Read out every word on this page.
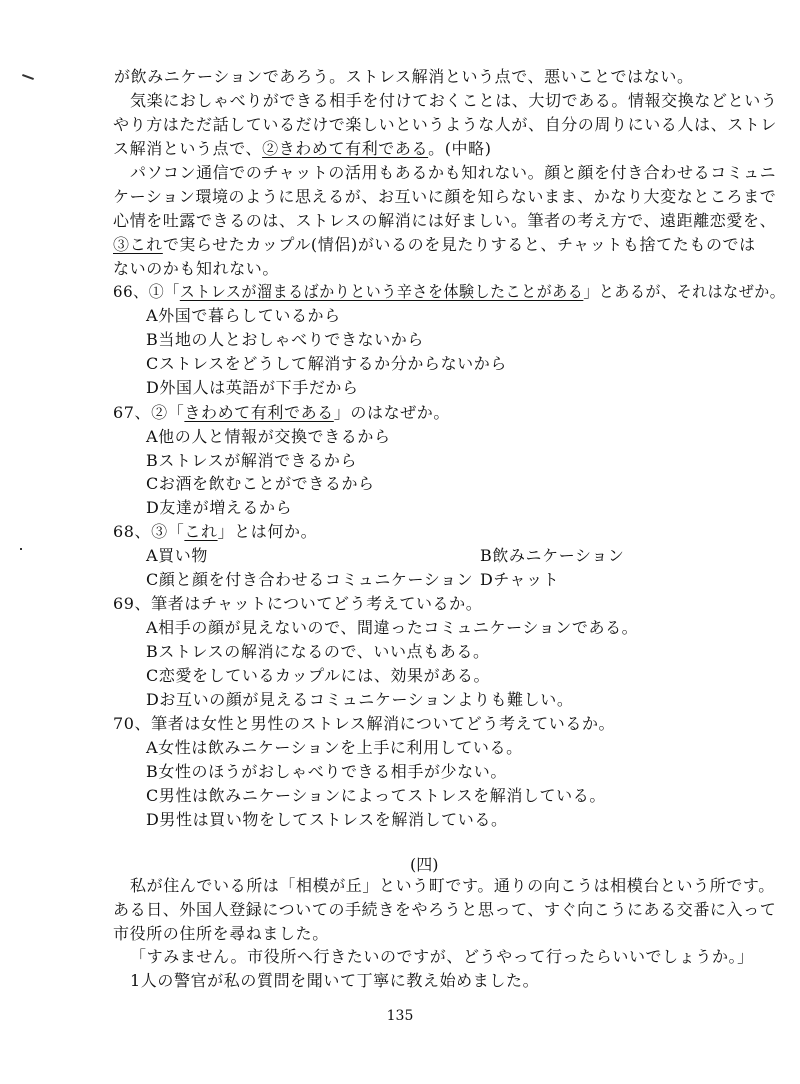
が飲みニケーションであろう。ストレス解消という点で、悪いことではない。
気楽におしゃべりができる相手を付けておくことは、大切である。情報交換などという
やり方はただ話しているだけで楽しいというような人が、自分の周りにいる人は、ストレ
ス解消という点で、②きわめて有利である。(中略)
パソコン通信でのチャットの活用もあるかも知れない。顔と顔を付き合わせるコミュニ
ケーション環境のように思えるが、お互いに顔を知らないまま、かなり大変なところまで
心情を吐露できるのは、ストレスの解消には好ましい。筆者の考え方で、遠距離恋愛を、
③これで実らせたカップル(情侶)がいるのを見たりすると、チャットも捨てたものでは
ないのかも知れない。
66、①「ストレスが溜まるばかりという辛さを体験したことがある」とあるが、それはなぜか。
A外国で暮らしているから
B当地の人とおしゃべりできないから
Cストレスをどうして解消するか分からないから
D外国人は英語が下手だから
67、②「きわめて有利である」のはなぜか。
A他の人と情報が交換できるから
Bストレスが解消できるから
Cお酒を飲むことができるから
D友達が増えるから
68、③「これ」とは何か。
A買い物	B飲みニケーション
C顔と顔を付き合わせるコミュニケーション Dチャット
69、筆者はチャットについてどう考えているか。
A相手の顔が見えないので、間違ったコミュニケーションである。
Bストレスの解消になるので、いい点もある。
C恋愛をしているカップルには、効果がある。
Dお互いの顔が見えるコミュニケーションよりも難しい。
70、筆者は女性と男性のストレス解消についてどう考えているか。
A女性は飲みニケーションを上手に利用している。
B女性のほうがおしゃべりできる相手が少ない。
C男性は飲みニケーションによってストレスを解消している。
D男性は買い物をしてストレスを解消している。
(四)
私が住んでいる所は「相模が丘」という町です。通りの向こうは相模台という所です。
ある日、外国人登録についての手続きをやろうと思って、すぐ向こうにある交番に入って
市役所の住所を尋ねました。
「すみません。市役所へ行きたいのですが、どうやって行ったらいいでしょうか。」
1人の警官が私の質問を聞いて丁寧に教え始めました。
135
